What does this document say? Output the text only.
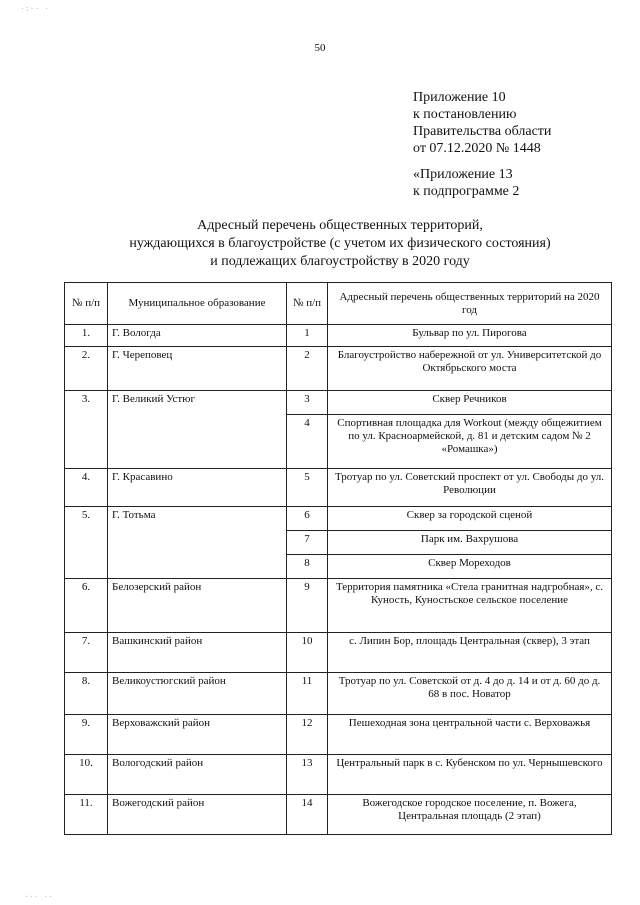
·:·· ·
··· ··
50
Приложение 10
к постановлению
Правительства области
от 07.12.2020 № 1448
«Приложение 13
к подпрограмме 2
Адресный перечень общественных территорий,
нуждающихся в благоустройстве (с учетом их физического состояния)
и подлежащих благоустройству в 2020 году
№ п/п	Муниципальное образование	№ п/п	Адресный перечень общественных территорий на 2020 год
1.	Г. Вологда	1	Бульвар по ул. Пирогова
2.	Г. Череповец	2	Благоустройство набережной от ул. Университетской до Октябрьского моста
3.	Г. Великий Устюг	3	Сквер Речников
		4	Спортивная площадка для Workout (между общежитием по ул. Красноармейской, д. 81 и детским садом № 2 «Ромашка»)
4.	Г. Красавино	5	Тротуар по ул. Советский проспект от ул. Свободы до ул. Революции
5.	Г. Тотьма	6	Сквер за городской сценой
		7	Парк им. Вахрушова
		8	Сквер Мореходов
6.	Белозерский район	9	Территория памятника «Стела гранитная надгробная», с. Куность, Куностьское сельское поселение
7.	Вашкинский район	10	с. Липин Бор, площадь Центральная (сквер), 3 этап
8.	Великоустюгский район	11	Тротуар по ул. Советской от д. 4 до д. 14 и от д. 60 до д. 68 в пос. Новатор
9.	Верховажский район	12	Пешеходная зона центральной части с. Верховажья
10.	Вологодский район	13	Центральный парк в с. Кубенском по ул. Чернышевского
11.	Вожегодский район	14	Вожегодское городское поселение, п. Вожега, Центральная площадь (2 этап)
